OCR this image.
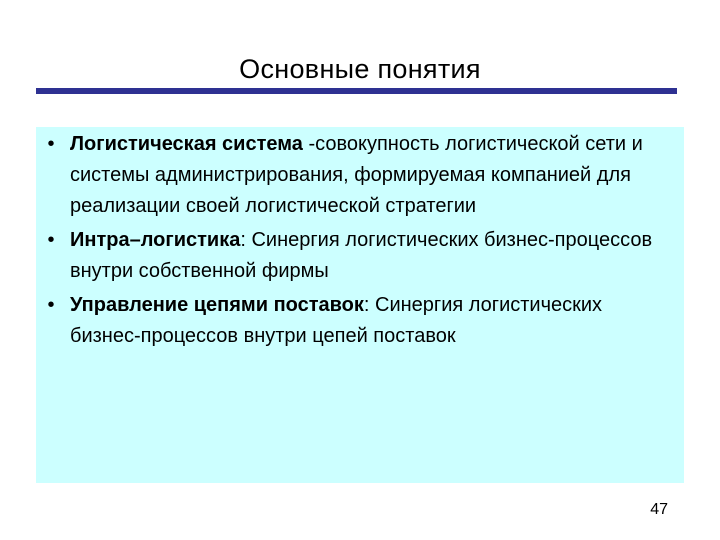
Основные понятия
• Логистическая система -совокупность логистической сети и системы администрирования, формируемая компанией для реализации своей логистической стратегии
• Интра–логистика: Синергия логистических бизнес-процессов внутри собственной фирмы
• Управление цепями поставок: Синергия логистических бизнес-процессов внутри цепей поставок
47
